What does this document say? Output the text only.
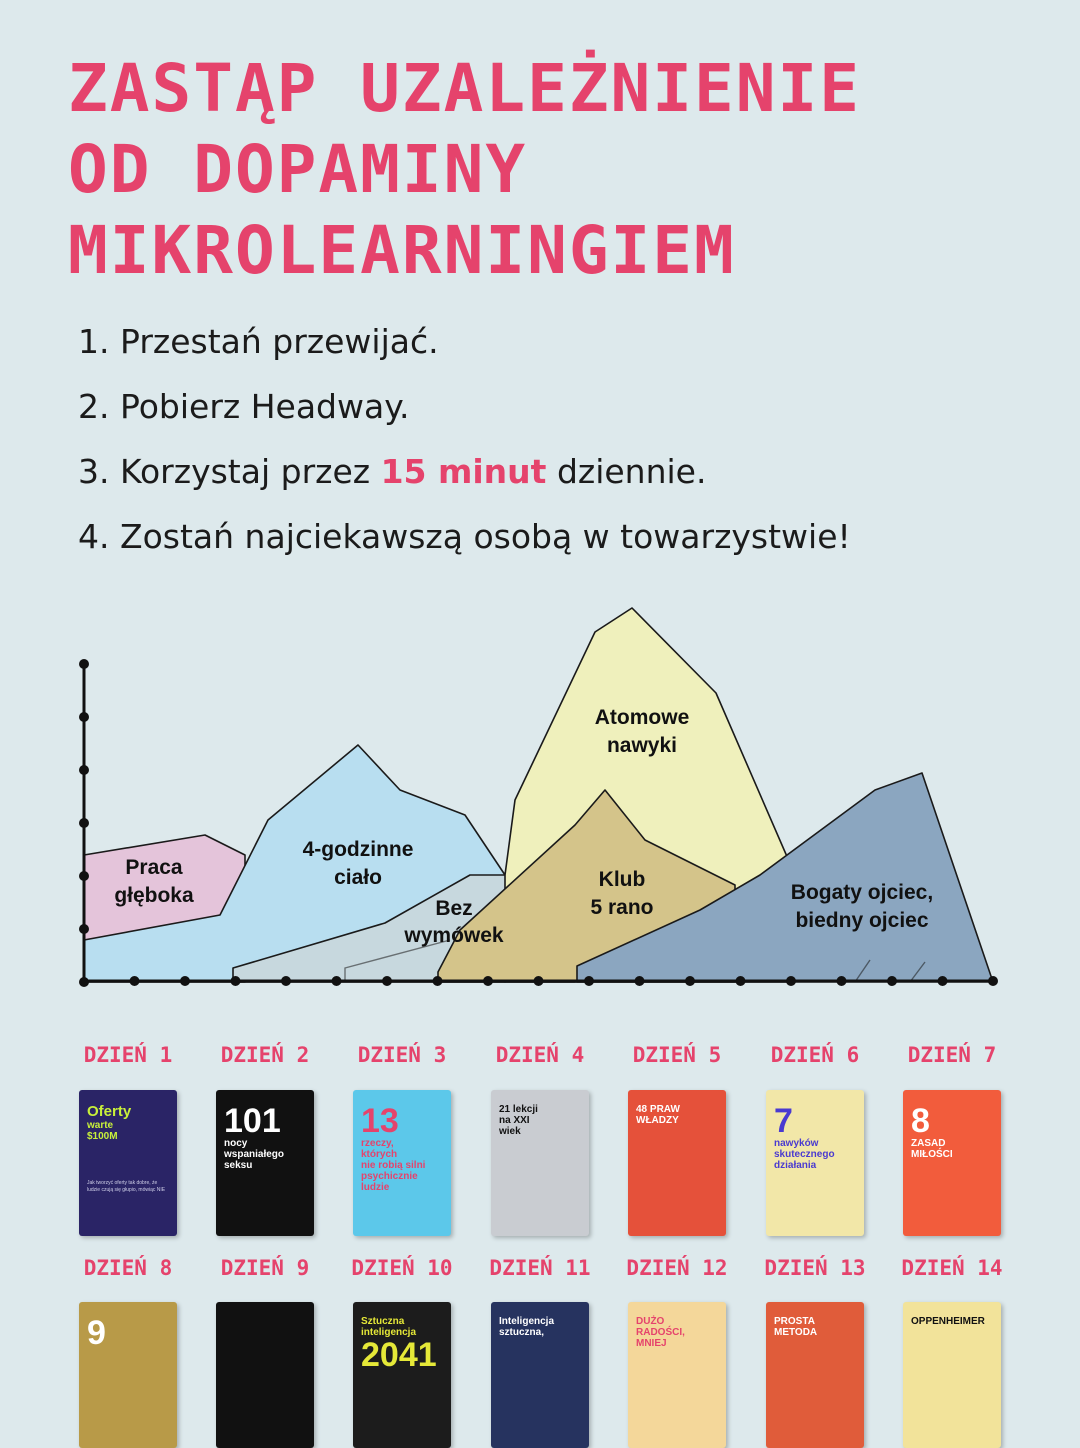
ZASTĄP UZALEŻNIENIE
OD DOPAMINY
MIKROLEARNINGIEM
1. Przestań przewijać.
2. Pobierz Headway.
3. Korzystaj przez 15 minut dziennie.
4. Zostań najciekawszą osobą w towarzystwie!
Praca
głęboka
4-godzinne
ciało
Bez
wymówek
Atomowe
nawyki
Klub
5 rano
Bogaty ojciec,
biedny ojciec
DZIEŃ 1	DZIEŃ 2	DZIEŃ 3	DZIEŃ 4	DZIEŃ 5	DZIEŃ 6	DZIEŃ 7
DZIEŃ 8	DZIEŃ 9	DZIEŃ 10	DZIEŃ 11	DZIEŃ 12	DZIEŃ 13	DZIEŃ 14
Oferty
warte
$100M
Jak tworzyć oferty tak dobre, że ludzie czują się głupio, mówiąc NIE
101
nocy
wspaniałego
seksu
13
rzeczy,
których
nie robią silni
psychicznie
ludzie
21 lekcji
na XXI
wiek
48 PRAW
WŁADZY	7
nawyków
skutecznego
działania
8
ZASAD
MIŁOŚCI
9	Sztuczna
inteligencja
2041
Inteligencja
sztuczna,
DUŻO
RADOŚCI,
MNIEJ
PROSTA
METODA
OPPENHEIMER
